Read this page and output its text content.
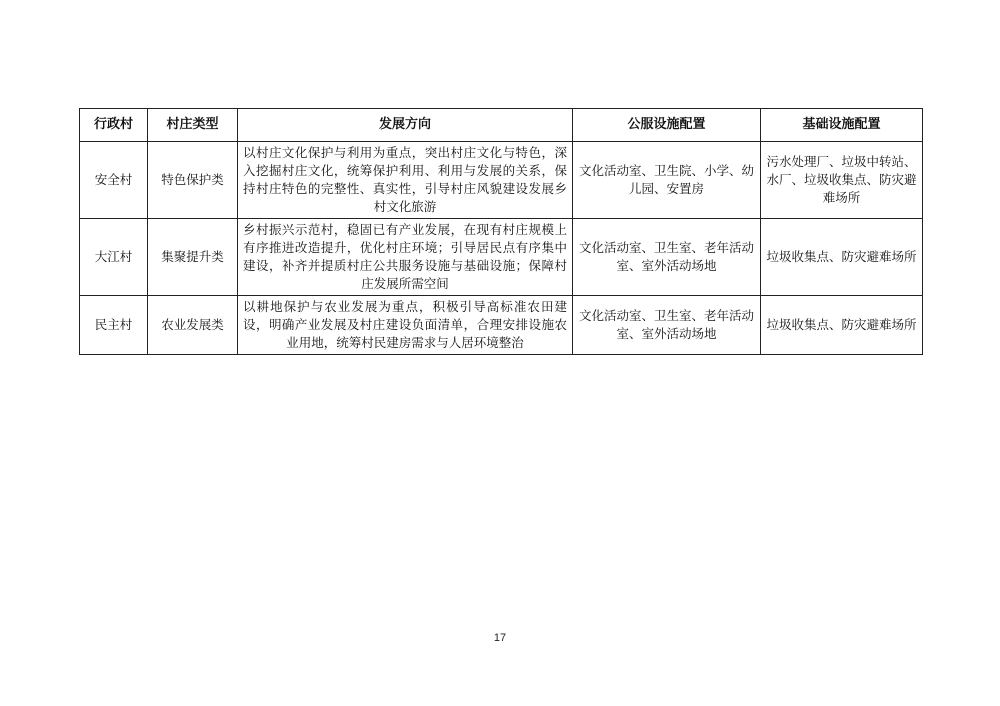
行政村	村庄类型	发展方向	公服设施配置	基础设施配置
安全村	特色保护类	以村庄文化保护与利用为重点，突出村庄文化与特色，深入挖掘村庄文化，统筹保护利用、利用与发展的关系，保持村庄特色的完整性、真实性，引导村庄风貌建设发展乡村文化旅游	文化活动室、卫生院、小学、幼儿园、安置房	污水处理厂、垃圾中转站、水厂、垃圾收集点、防灾避难场所
大江村	集聚提升类	乡村振兴示范村，稳固已有产业发展，在现有村庄规模上有序推进改造提升，优化村庄环境；引导居民点有序集中建设，补齐并提质村庄公共服务设施与基础设施；保障村庄发展所需空间	文化活动室、卫生室、老年活动室、室外活动场地	垃圾收集点、防灾避难场所
民主村	农业发展类	以耕地保护与农业发展为重点，积极引导高标准农田建设，明确产业发展及村庄建设负面清单，合理安排设施农业用地，统筹村民建房需求与人居环境整治	文化活动室、卫生室、老年活动室、室外活动场地	垃圾收集点、防灾避难场所
17
